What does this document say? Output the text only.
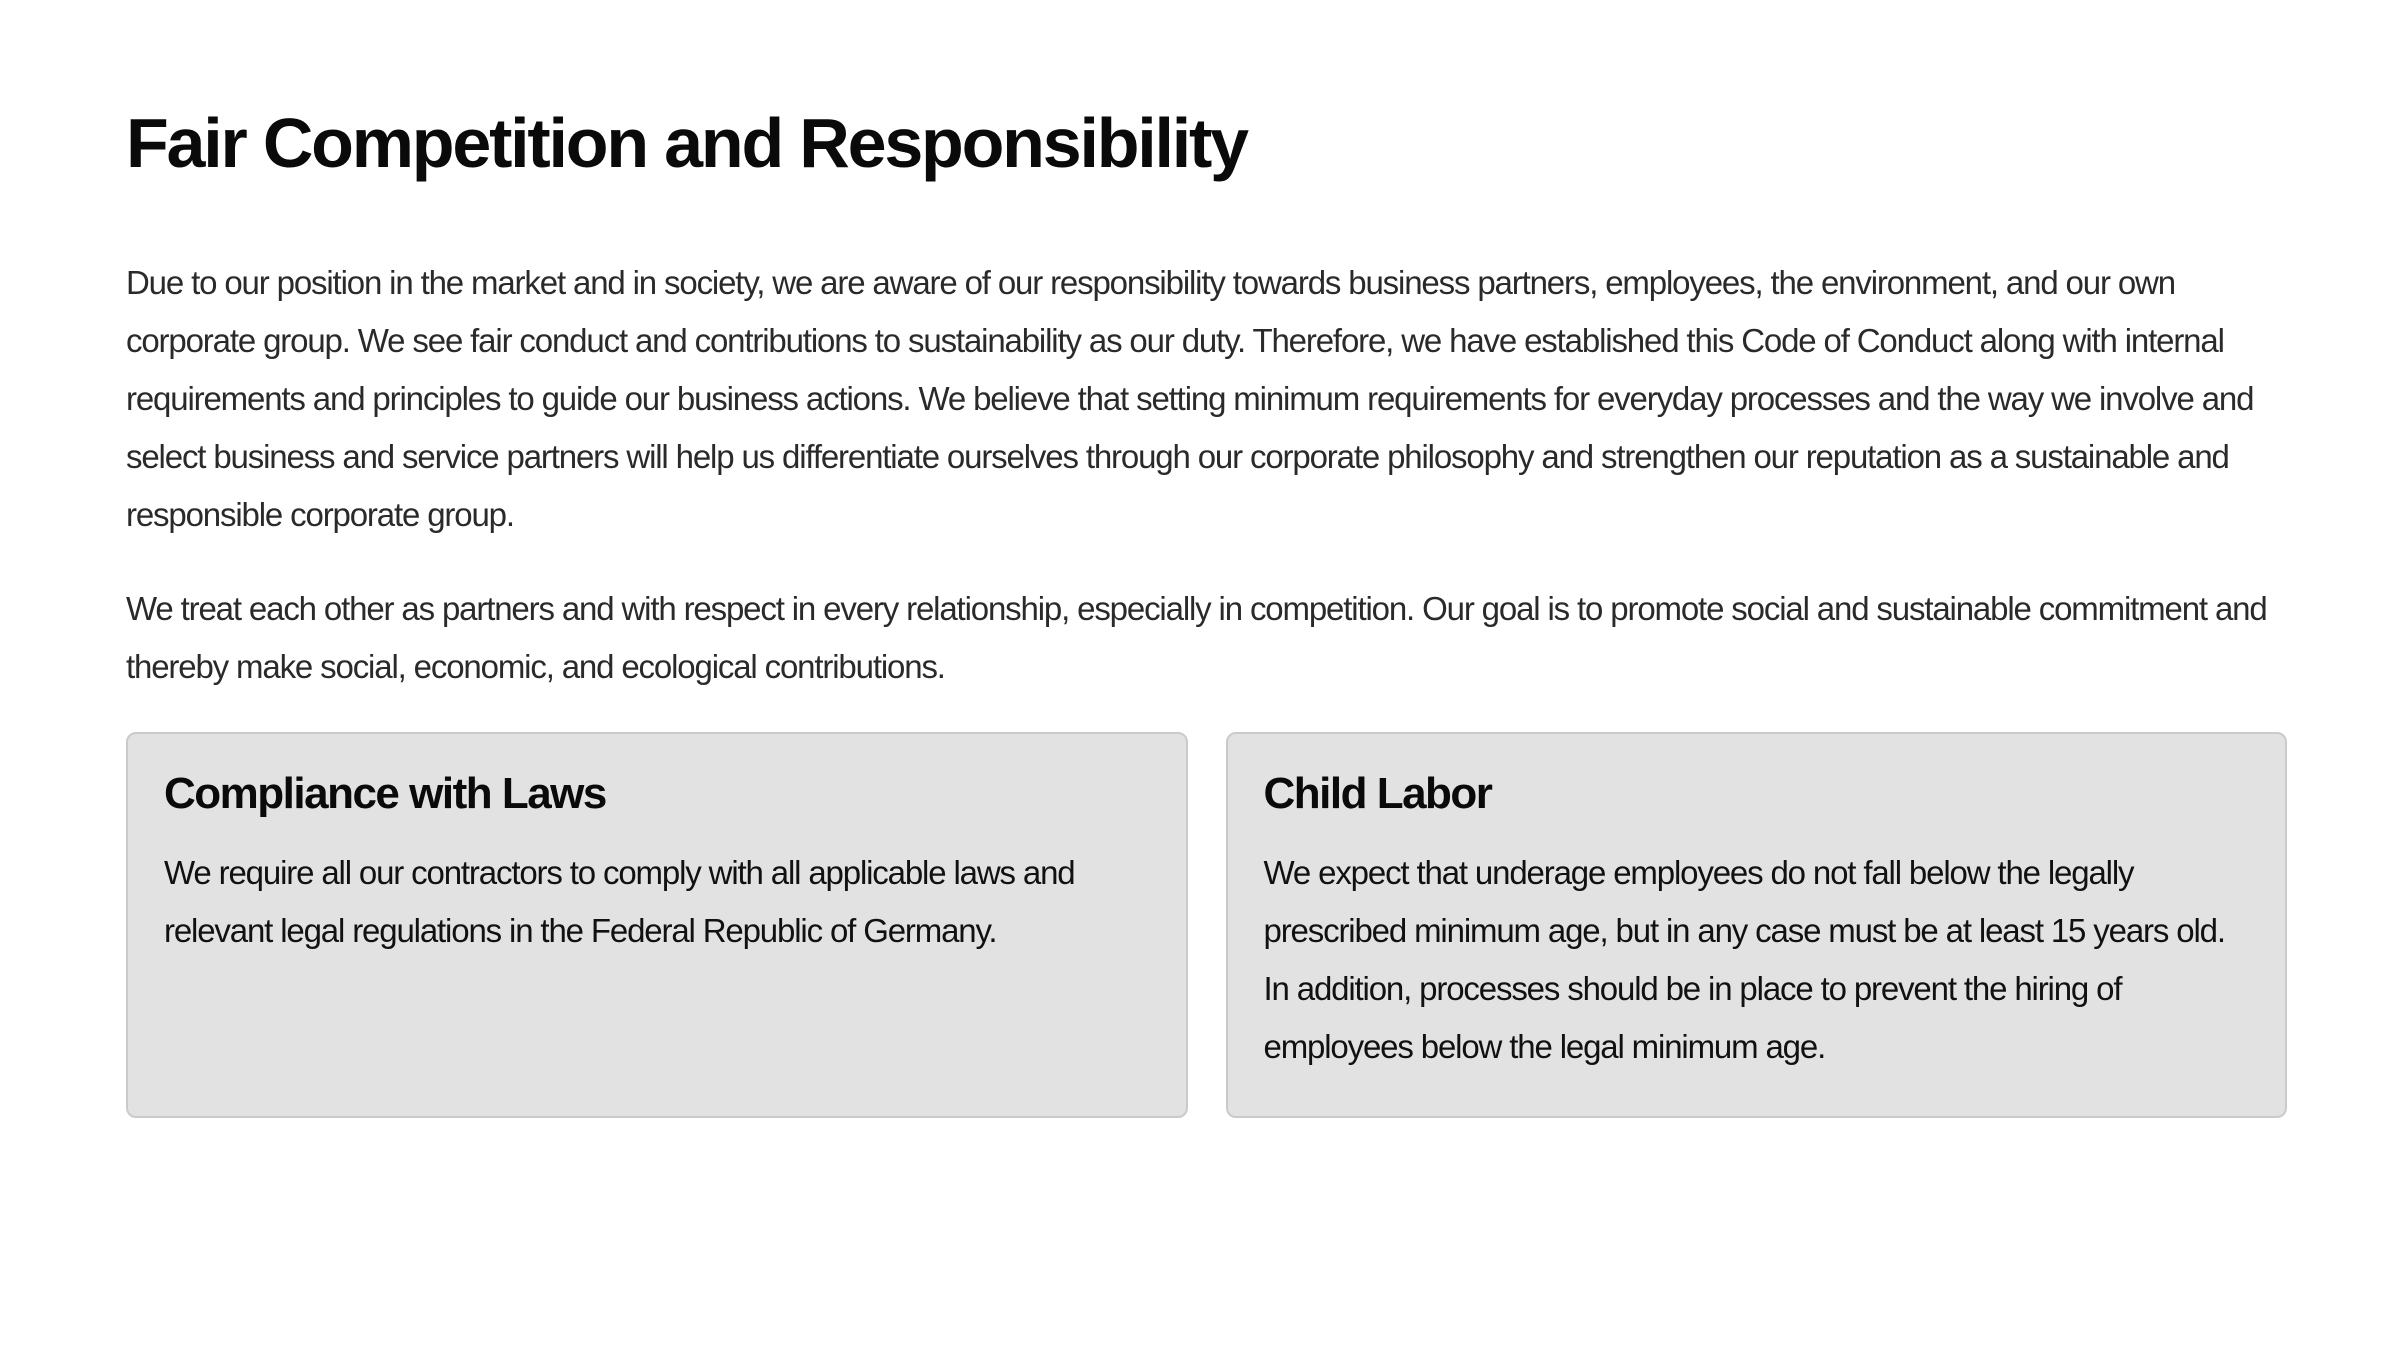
Fair Competition and Responsibility

Due to our position in the market and in society, we are aware of our responsibility towards business partners, employees, the environment, and our own corporate group. We see fair conduct and contributions to sustainability as our duty. Therefore, we have established this Code of Conduct along with internal requirements and principles to guide our business actions. We believe that setting minimum requirements for everyday processes and the way we involve and select business and service partners will help us differentiate ourselves through our corporate philosophy and strengthen our reputation as a sustainable and responsible corporate group.

We treat each other as partners and with respect in every relationship, especially in competition. Our goal is to promote social and sustainable commitment and thereby make social, economic, and ecological contributions.

Compliance with Laws

We require all our contractors to comply with all applicable laws and relevant legal regulations in the Federal Republic of Germany.

Child Labor

We expect that underage employees do not fall below the legally prescribed minimum age, but in any case must be at least 15 years old. In addition, processes should be in place to prevent the hiring of employees below the legal minimum age.
